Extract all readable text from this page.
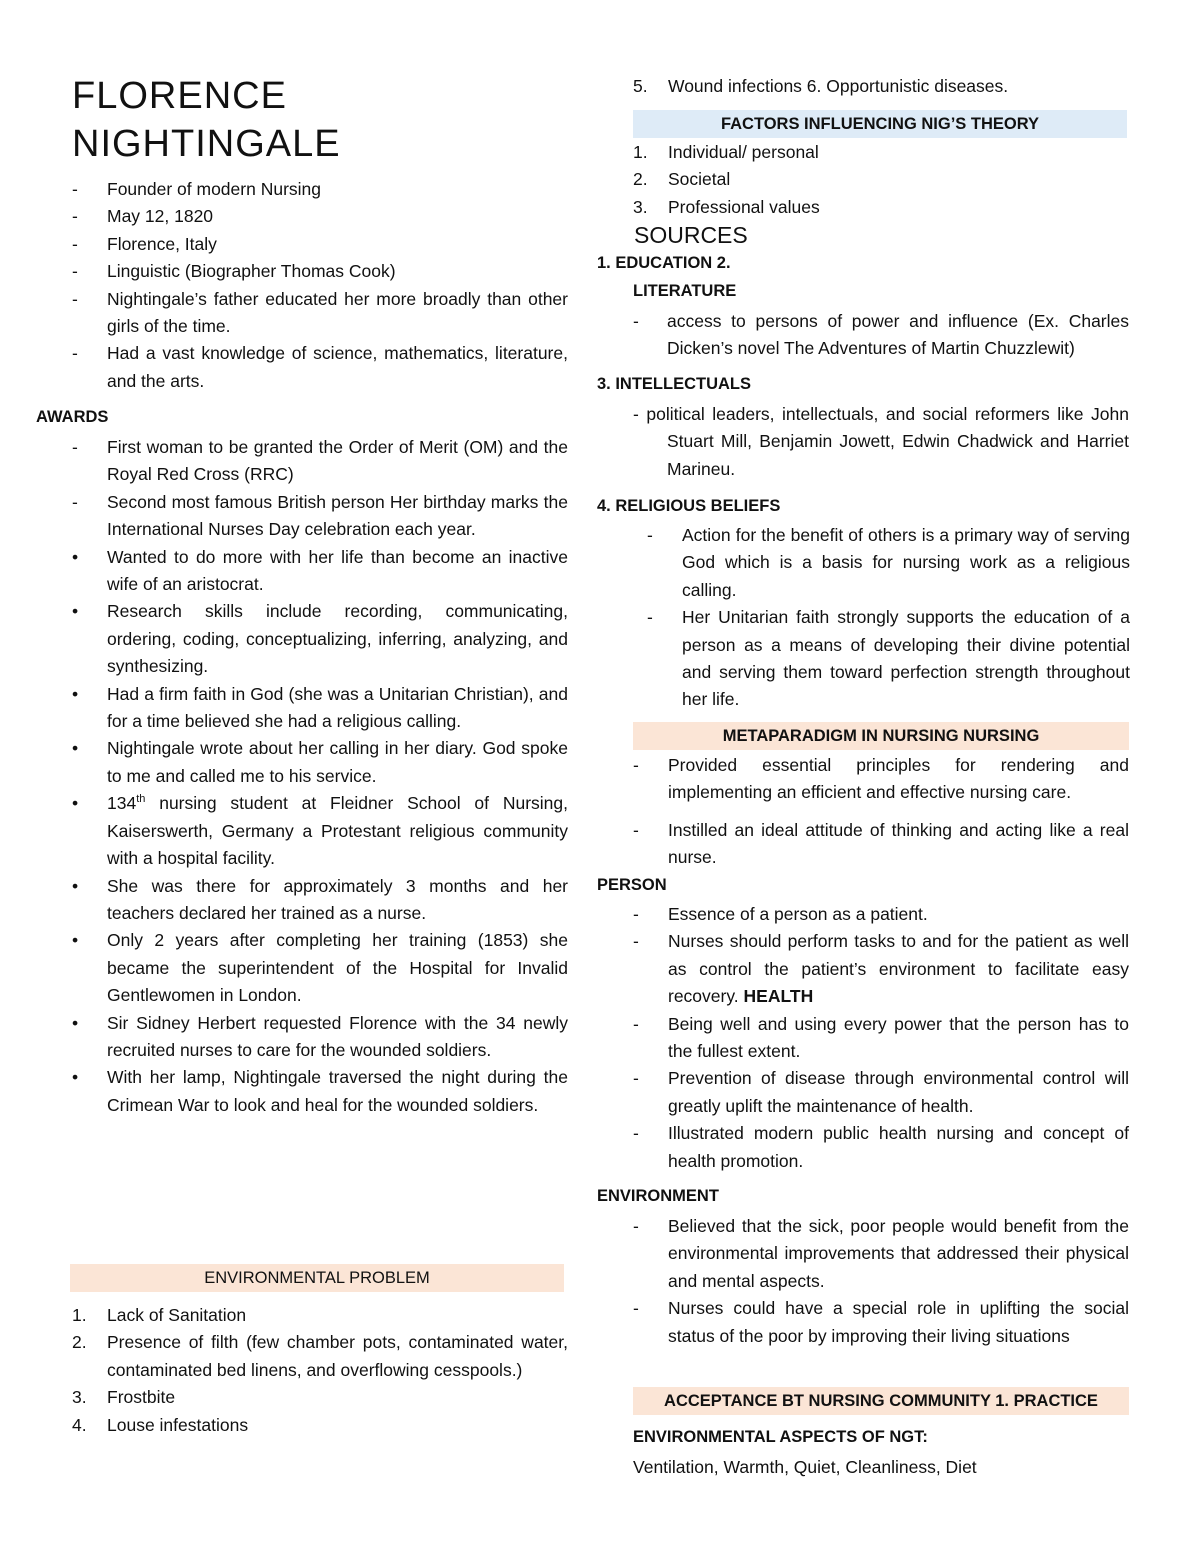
FLORENCE
NIGHTINGALE
- Founder of modern Nursing
- May 12, 1820
- Florence, Italy
- Linguistic (Biographer Thomas Cook)
- Nightingale’s father educated her more broadly than other girls of the time.
- Had a vast knowledge of science, mathematics, literature, and the arts.
AWARDS
- First woman to be granted the Order of Merit (OM) and the Royal Red Cross (RRC)
- Second most famous British person Her birthday marks the International Nurses Day celebration each year.
• Wanted to do more with her life than become an inactive wife of an aristocrat.
• Research skills include recording, communicating, ordering, coding, conceptualizing, inferring, analyzing, and synthesizing.
• Had a firm faith in God (she was a Unitarian Christian), and for a time believed she had a religious calling.
• Nightingale wrote about her calling in her diary. God spoke to me and called me to his service.
• 134th nursing student at Fleidner School of Nursing, Kaiserswerth, Germany a Protestant religious community with a hospital facility.
• She was there for approximately 3 months and her teachers declared her trained as a nurse.
• Only 2 years after completing her training (1853) she became the superintendent of the Hospital for Invalid Gentlewomen in London.
• Sir Sidney Herbert requested Florence with the 34 newly recruited nurses to care for the wounded soldiers.
• With her lamp, Nightingale traversed the night during the Crimean War to look and heal for the wounded soldiers.
ENVIRONMENTAL PROBLEM
1. Lack of Sanitation
2. Presence of filth (few chamber pots, contaminated water, contaminated bed linens, and overflowing cesspools.)
3. Frostbite
4. Louse infestations
5. Wound infections 6. Opportunistic diseases.
FACTORS INFLUENCING NIG’S THEORY
1. Individual/ personal
2. Societal
3. Professional values
SOURCES
1. EDUCATION 2.
LITERATURE
- access to persons of power and influence (Ex. Charles Dicken’s novel The Adventures of Martin Chuzzlewit)
3. INTELLECTUALS
- political leaders, intellectuals, and social reformers like John Stuart Mill, Benjamin Jowett, Edwin Chadwick and Harriet Marineu.
4. RELIGIOUS BELIEFS
- Action for the benefit of others is a primary way of serving God which is a basis for nursing work as a religious calling.
- Her Unitarian faith strongly supports the education of a person as a means of developing their divine potential and serving them toward perfection strength throughout her life.
METAPARADIGM IN NURSING NURSING
- Provided essential principles for rendering and implementing an efficient and effective nursing care.
- Instilled an ideal attitude of thinking and acting like a real nurse.
PERSON
- Essence of a person as a patient.
- Nurses should perform tasks to and for the patient as well as control the patient’s environment to facilitate easy recovery. HEALTH
- Being well and using every power that the person has to the fullest extent.
- Prevention of disease through environmental control will greatly uplift the maintenance of health.
- Illustrated modern public health nursing and concept of health promotion.
ENVIRONMENT
- Believed that the sick, poor people would benefit from the environmental improvements that addressed their physical and mental aspects.
- Nurses could have a special role in uplifting the social status of the poor by improving their living situations
ACCEPTANCE BT NURSING COMMUNITY 1. PRACTICE
ENVIRONMENTAL ASPECTS OF NGT:
Ventilation, Warmth, Quiet, Cleanliness, Diet
